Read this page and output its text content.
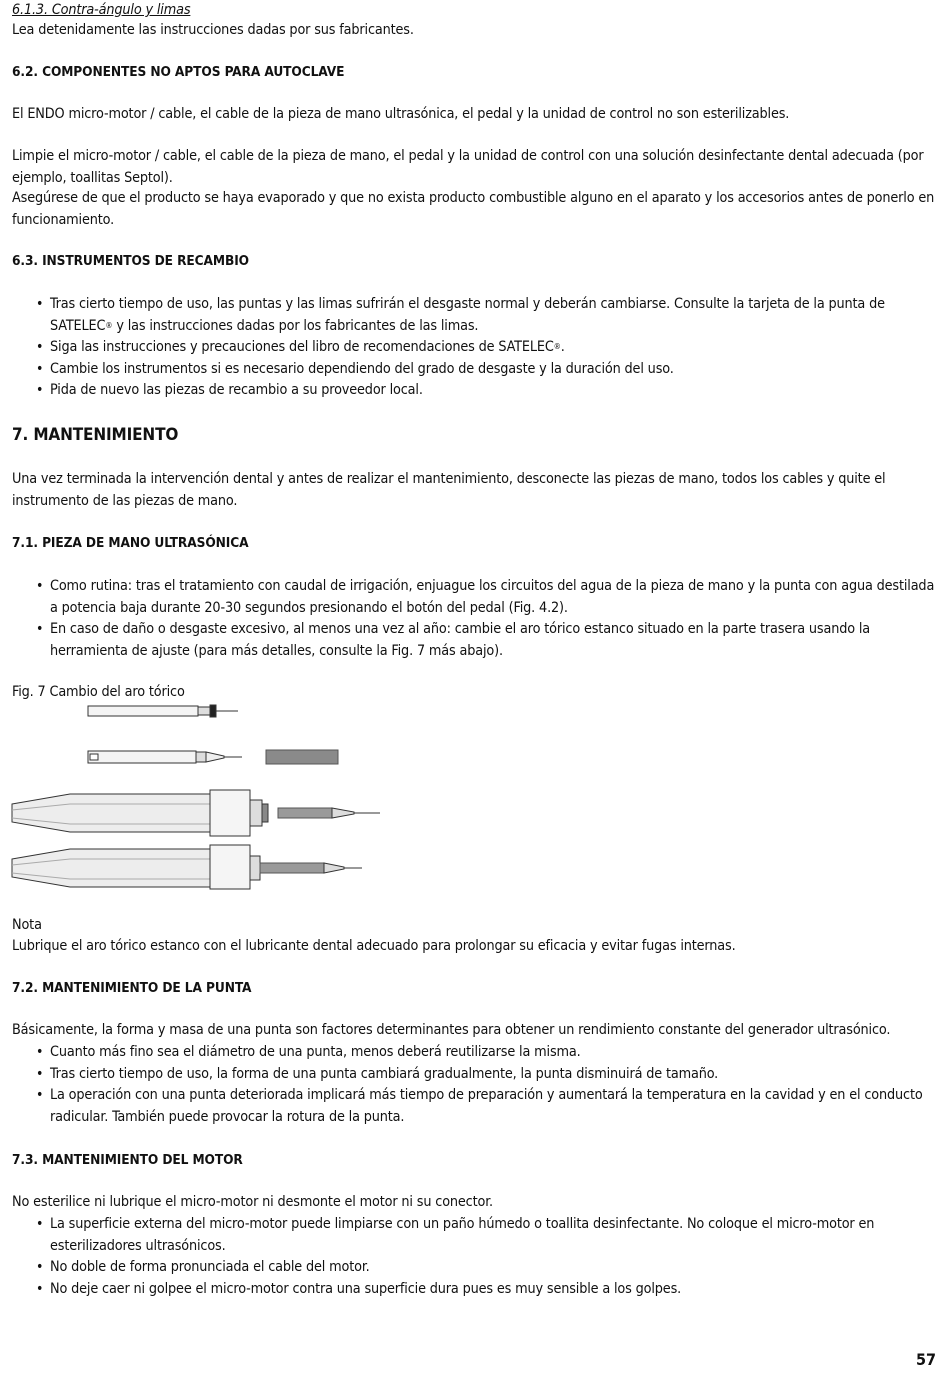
6.1.3. Contra-ángulo y limas

Lea detenidamente las instrucciones dadas por sus fabricantes.

6.2. COMPONENTES NO APTOS PARA AUTOCLAVE

El ENDO micro-motor / cable, el cable de la pieza de mano ultrasónica, el pedal y la unidad de control no son esterilizables.

Limpie el micro-motor / cable, el cable de la pieza de mano, el pedal y la unidad de control con una solución desinfectante dental adecuada (por ejemplo, toallitas Septol).

Asegúrese de que el producto se haya evaporado y que no exista producto combustible alguno en el aparato y los accesorios antes de ponerlo en funcionamiento.

6.3. INSTRUMENTOS DE RECAMBIO

• Tras cierto tiempo de uso, las puntas y las limas sufrirán el desgaste normal y deberán cambiarse. Consulte la tarjeta de la punta de SATELEC® y las instrucciones dadas por los fabricantes de las limas.
• Siga las instrucciones y precauciones del libro de recomendaciones de SATELEC®.
• Cambie los instrumentos si es necesario dependiendo del grado de desgaste y la duración del uso.
• Pida de nuevo las piezas de recambio a su proveedor local.

7. MANTENIMIENTO

Una vez terminada la intervención dental y antes de realizar el mantenimiento, desconecte las piezas de mano, todos los cables y quite el instrumento de las piezas de mano.

7.1. PIEZA DE MANO ULTRASÓNICA

• Como rutina: tras el tratamiento con caudal de irrigación, enjuague los circuitos del agua de la pieza de mano y la punta con agua destilada a potencia baja durante 20-30 segundos presionando el botón del pedal (Fig. 4.2).
• En caso de daño o desgaste excesivo, al menos una vez al año: cambie el aro tórico estanco situado en la parte trasera usando la herramienta de ajuste (para más detalles, consulte la Fig. 7 más abajo).

Fig. 7 Cambio del aro tórico

Nota

Lubrique el aro tórico estanco con el lubricante dental adecuado para prolongar su eficacia y evitar fugas internas.

7.2. MANTENIMIENTO DE LA PUNTA

Básicamente, la forma y masa de una punta son factores determinantes para obtener un rendimiento constante del generador ultrasónico.

• Cuanto más fino sea el diámetro de una punta, menos deberá reutilizarse la misma.
• Tras cierto tiempo de uso, la forma de una punta cambiará gradualmente, la punta disminuirá de tamaño.
• La operación con una punta deteriorada implicará más tiempo de preparación y aumentará la temperatura en la cavidad y en el conducto radicular. También puede provocar la rotura de la punta.

7.3. MANTENIMIENTO DEL MOTOR

No esterilice ni lubrique el micro-motor ni desmonte el motor ni su conector.

• La superficie externa del micro-motor puede limpiarse con un paño húmedo o toallita desinfectante. No coloque el micro-motor en esterilizadores ultrasónicos.
• No doble de forma pronunciada el cable del motor.
• No deje caer ni golpee el micro-motor contra una superficie dura pues es muy sensible a los golpes.
57
